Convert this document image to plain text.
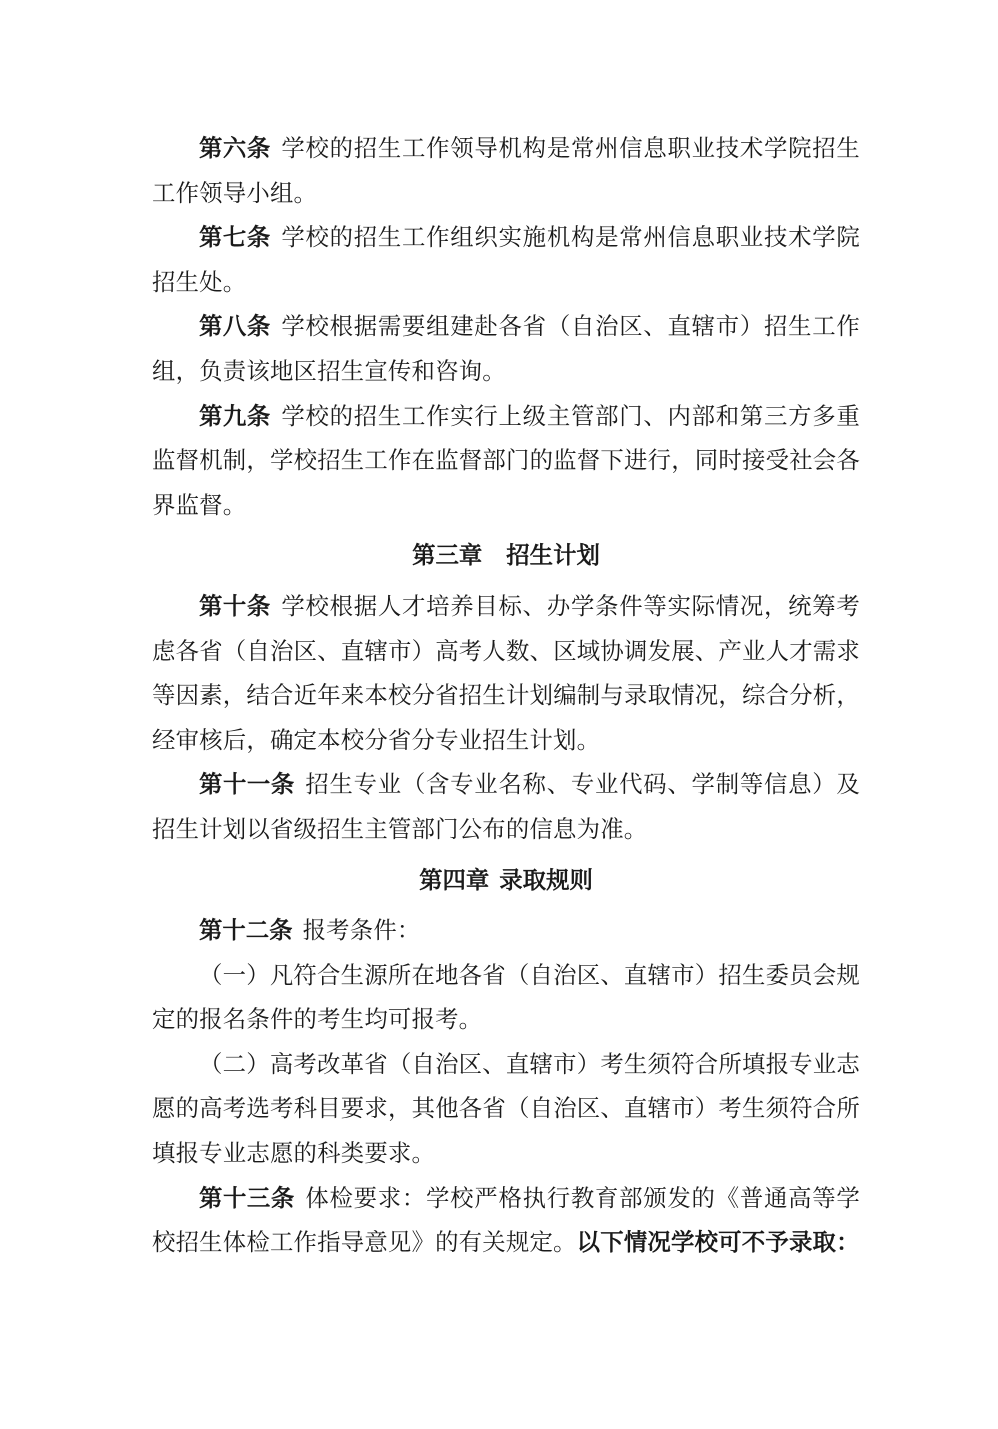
第六条 学校的招生工作领导机构是常州信息职业技术学院招生工作领导小组。

第七条 学校的招生工作组织实施机构是常州信息职业技术学院招生处。

第八条 学校根据需要组建赴各省（自治区、直辖市）招生工作组，负责该地区招生宣传和咨询。

第九条 学校的招生工作实行上级主管部门、内部和第三方多重监督机制，学校招生工作在监督部门的监督下进行，同时接受社会各界监督。

第三章 招生计划

第十条 学校根据人才培养目标、办学条件等实际情况，统筹考虑各省（自治区、直辖市）高考人数、区域协调发展、产业人才需求等因素，结合近年来本校分省招生计划编制与录取情况，综合分析，经审核后，确定本校分省分专业招生计划。

第十一条 招生专业（含专业名称、专业代码、学制等信息）及招生计划以省级招生主管部门公布的信息为准。

第四章 录取规则

第十二条 报考条件：

（一）凡符合生源所在地各省（自治区、直辖市）招生委员会规定的报名条件的考生均可报考。

（二）高考改革省（自治区、直辖市）考生须符合所填报专业志愿的高考选考科目要求，其他各省（自治区、直辖市）考生须符合所填报专业志愿的科类要求。

第十三条 体检要求：学校严格执行教育部颁发的《普通高等学校招生体检工作指导意见》的有关规定。以下情况学校可不予录取：
